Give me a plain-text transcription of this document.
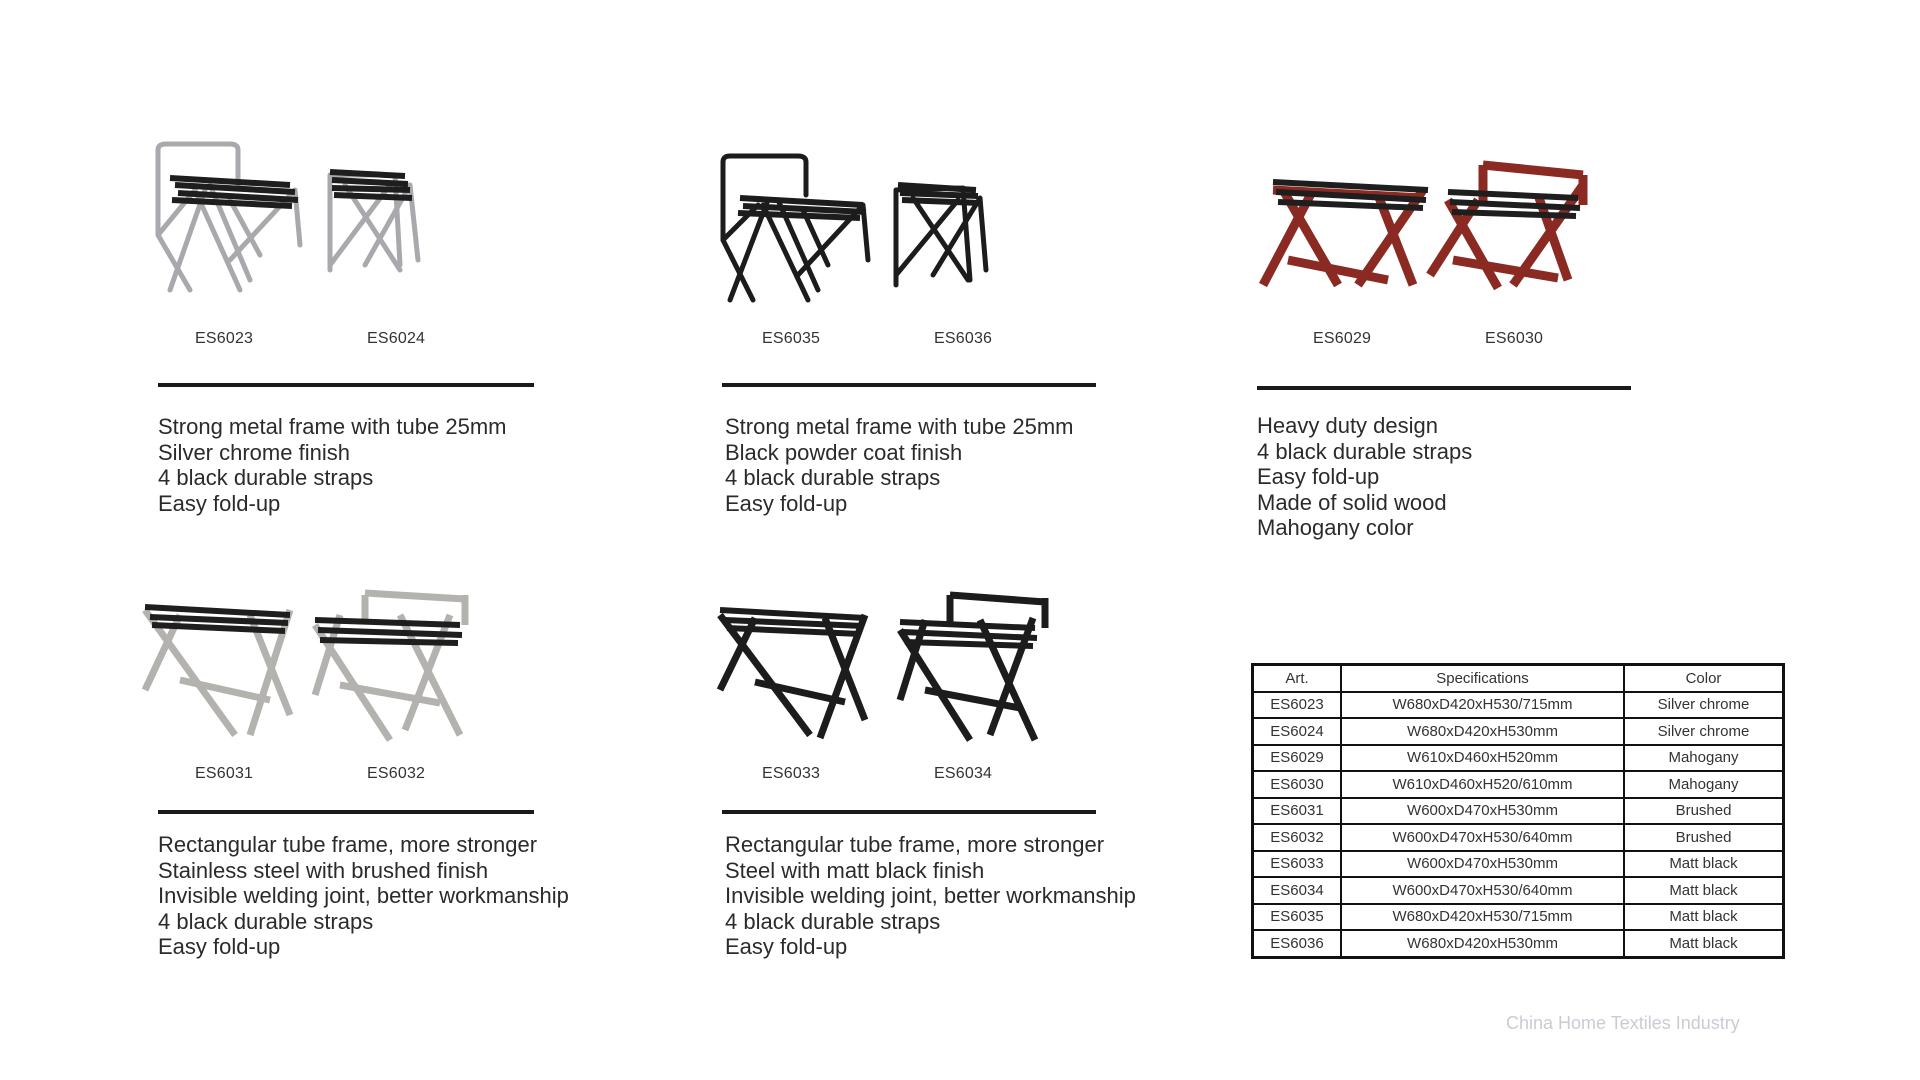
ES6023	ES6024
Strong metal frame with tube 25mm
Silver chrome finish
4 black durable straps
Easy fold-up
ES6035	ES6036
Strong metal frame with tube 25mm
Black powder coat finish
4 black durable straps
Easy fold-up
ES6029	ES6030
Heavy duty design
4 black durable straps
Easy fold-up
Made of solid wood
Mahogany color
ES6031	ES6032
Rectangular tube frame, more stronger
Stainless steel with brushed finish
Invisible welding joint, better workmanship
4 black durable straps
Easy fold-up
ES6033	ES6034
Rectangular tube frame, more stronger
Steel with matt black finish
Invisible welding joint, better workmanship
4 black durable straps
Easy fold-up
Art.	Specifications	Color
ES6023	W680xD420xH530/715mm	Silver chrome
ES6024	W680xD420xH530mm	Silver chrome
ES6029	W610xD460xH520mm	Mahogany
ES6030	W610xD460xH520/610mm	Mahogany
ES6031	W600xD470xH530mm	Brushed
ES6032	W600xD470xH530/640mm	Brushed
ES6033	W600xD470xH530mm	Matt black
ES6034	W600xD470xH530/640mm	Matt black
ES6035	W680xD420xH530/715mm	Matt black
ES6036	W680xD420xH530mm	Matt black
China Home Textiles Industry
